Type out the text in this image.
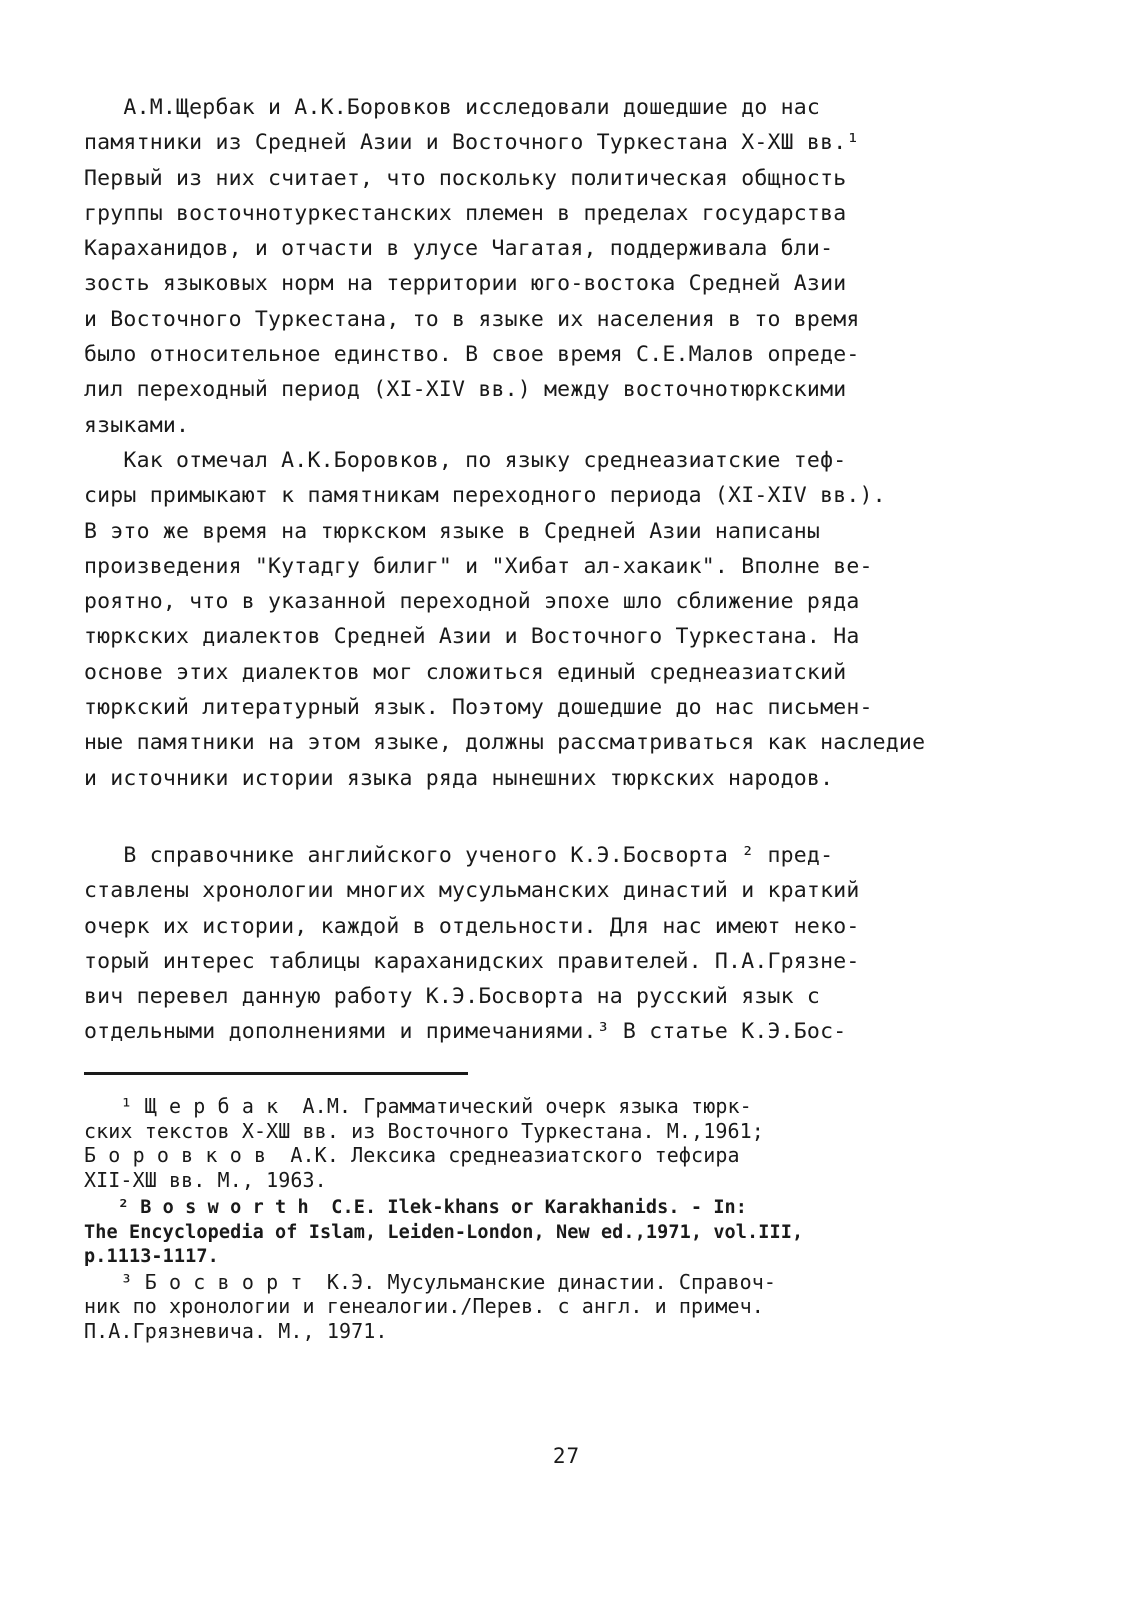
А.М.Щербак и А.К.Боровков исследовали дошедшие до нас
памятники из Средней Азии и Восточного Туркестана Х-ХШ вв.¹
Первый из них считает, что поскольку политическая общность
группы восточнотуркестанских племен в пределах государства
Караханидов, и отчасти в улусе Чагатая, поддерживала бли-
зость языковых норм на территории юго-востока Средней Азии
и Восточного Туркестана, то в языке их населения в то время
было относительное единство. В свое время С.Е.Малов опреде-
лил переходный период (ХI-ХIV вв.) между восточнотюркскими
языками.
Как отмечал А.К.Боровков, по языку среднеазиатские теф-
сиры примыкают к памятникам переходного периода (ХI-ХIV вв.).
В это же время на тюркском языке в Средней Азии написаны
произведения "Кутадгу билиг" и "Хибат ал-хакаик". Вполне ве-
роятно, что в указанной переходной эпохе шло сближение ряда
тюркских диалектов Средней Азии и Восточного Туркестана. На
основе этих диалектов мог сложиться единый среднеазиатский
тюркский литературный язык. Поэтому дошедшие до нас письмен-
ные памятники на этом языке, должны рассматриваться как наследие
и источники истории языка ряда нынешних тюркских народов.
В справочнике английского ученого К.Э.Босворта ² пред-
ставлены хронологии многих мусульманских династий и краткий
очерк их истории, каждой в отдельности. Для нас имеют неко-
торый интерес таблицы караханидских правителей. П.А.Грязне-
вич перевел данную работу К.Э.Босворта на русский язык с
отдельными дополнениями и примечаниями.³ В статье К.Э.Бос-
¹ Щ е р б а к  А.М. Грамматический очерк языка тюрк-
ских текстов Х-ХШ вв. из Восточного Туркестана. М.,1961;
Б о р о в к о в  А.К. Лексика среднеазиатского тефсира
ХII-ХШ вв. М., 1963.
² B o s w o r t h  C.E. Ilek-khans or Karakhanids. - In:
The Encyclopedia of Islam, Leiden-London, New ed.,1971, vol.III,
p.1113-1117.
³ Б о с в о р т  К.Э. Мусульманские династии. Справоч-
ник по хронологии и генеалогии./Перев. с англ. и примеч.
П.А.Грязневича. М., 1971.
27
